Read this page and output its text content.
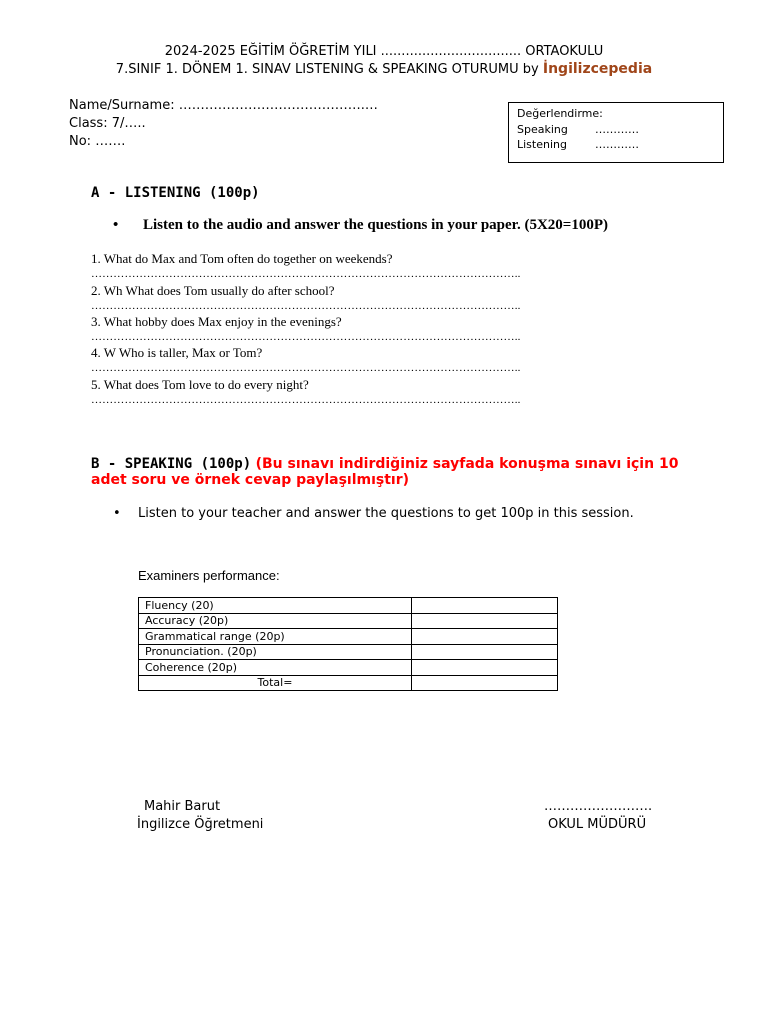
2024-2025 EĞİTİM ÖĞRETİM YILI .................................. ORTAOKULU
7.SINIF 1. DÖNEM 1. SINAV LISTENING & SPEAKING OTURUMU by İngilizcepedia
Name/Surname: …………………………………….…
Class: 7/…..
No: …….
Değerlendirme:
Speaking	…………
Listening	…………
A - LISTENING (100p)
• Listen to the audio and answer the questions in your paper. (5X20=100P)
1. What do Max and Tom often do together on weekends?
……………………………………………………………………………………………………..
2. Wh What does Tom usually do after school?
……………………………………………………………………………………………………..
3. What hobby does Max enjoy in the evenings?
……………………………………………………………………………………………………..
4. W Who is taller, Max or Tom?
……………………………………………………………………………………………………..
5. What does Tom love to do every night?
……………………………………………………………………………………………………..
B - SPEAKING (100p) (Bu sınavı indirdiğiniz sayfada konuşma sınavı için 10 adet soru ve örnek cevap paylaşılmıştır)
• Listen to your teacher and answer the questions to get 100p in this session.
Examiners performance:
Fluency (20)	
Accuracy (20p)	
Grammatical range (20p)	
Pronunciation. (20p)	
Coherence (20p)	
Total=	
Mahir Barut
İngilizce Öğretmeni
…………………….
OKUL MÜDÜRÜ
